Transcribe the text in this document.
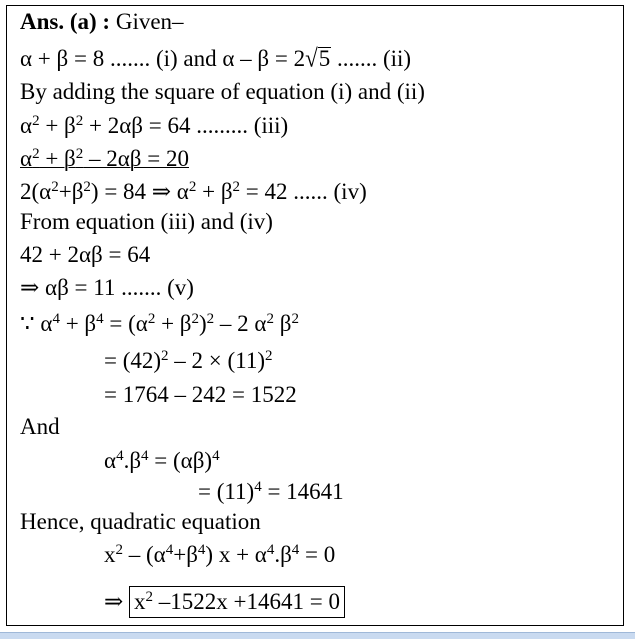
Ans. (a) : Given–
α + β = 8 ....... (i) and α – β = 2√5 ....... (ii)
By adding the square of equation (i) and (ii)
$\alpha^2 + \beta^2 + 2\alpha\beta = 64$ ......... (iii)
$\alpha^2 + \beta^2 - 2\alpha\beta = 20$
$2(\alpha^2+\beta^2) = 84$ ⇒ $\alpha^2 + \beta^2 = 42$ ...... (iv)
From equation (iii) and (iv)
42 + 2αβ = 64
⇒ αβ = 11 ....... (v)
∵ $\alpha^4 + \beta^4 = (\alpha^2 + \beta^2)^2 - 2$ $\alpha^2$ $\beta^2$
= $(42)^2 - 2 \times (11)^2$
= 1764 – 242 = 1522
And
$\alpha^4.\beta^4 = (\alpha\beta)^4$
= $(11)^4 = 14641$
Hence, quadratic equation
$x^2 - (\alpha^4+\beta^4) x + \alpha^4.\beta^4 = 0$
⇒ $x^2$ –1522x +14641 = 0
